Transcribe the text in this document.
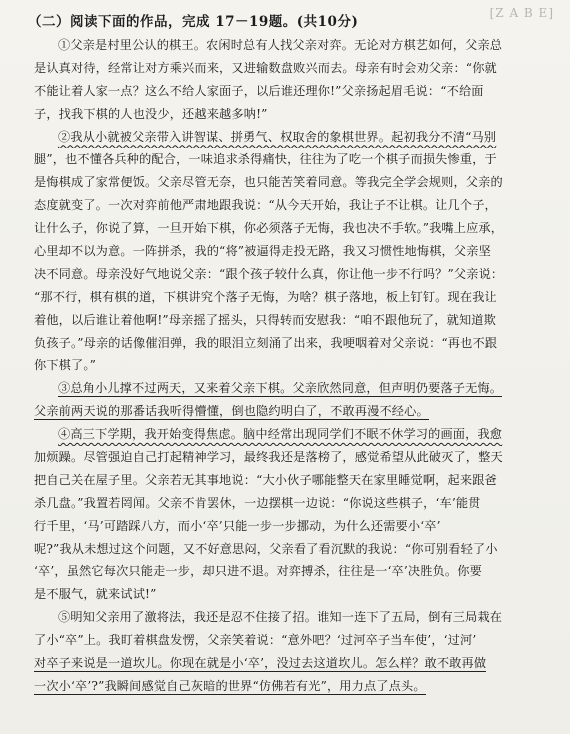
[Z A B E]
（二）阅读下面的作品，完成 17－19题。(共10分)
①父亲是村里公认的棋王。农闲时总有人找父亲对弈。无论对方棋艺如何，父亲总
是认真对待，经常让对方乘兴而来，又进输数盘败兴而去。母亲有时会劝父亲：“你就
不能让着人家一点？这么不给人家面子，以后谁还理你!”父亲扬起眉毛说：“不给面
子，找我下棋的人也没少，还越来越多呐!”
②我从小就被父亲带入讲智谋、拼勇气、权取舍的象棋世界。起初我分不清“马别
腿”，也不懂各兵种的配合，一味追求杀得痛快，往往为了吃一个棋子而损失惨重，于
是悔棋成了家常便饭。父亲尽管无奈，也只能苦笑着同意。等我完全学会规则，父亲的
态度就变了。一次对弈前他严肃地跟我说：“从今天开始，我让子不让棋。让几个子，
让什么子，你说了算，一旦开始下棋，你必须落子无悔，我也决不手软。”我嘴上应承，
心里却不以为意。一阵拼杀，我的“将”被逼得走投无路，我又习惯性地悔棋，父亲坚
决不同意。母亲没好气地说父亲：“跟个孩子较什么真，你让他一步不行吗？”父亲说：
“那不行，棋有棋的道，下棋讲究个落子无悔，为啥？棋子落地，板上钉钉。现在我让
着他，以后谁让着他啊!”母亲摇了摇头，只得转而安慰我：“咱不跟他玩了，就知道欺
负孩子。”母亲的话像催泪弹，我的眼泪立刻涌了出来，我哽咽着对父亲说：“再也不跟
你下棋了。”
③总角小儿撑不过两天，又来着父亲下棋。父亲欣然同意，但声明仍要落子无悔。
父亲前两天说的那番话我听得懵懂，倒也隐约明白了，不敢再漫不经心。
④高三下学期，我开始变得焦虑。脑中经常出现同学们不眠不休学习的画面，我愈
加烦躁。尽管强迫自己打起精神学习，最终我还是落榜了，感觉希望从此破灭了，整天
把自己关在屋子里。父亲若无其事地说：“大小伙子哪能整天在家里睡觉啊，起来跟爸
杀几盘。”我置若罔闻。父亲不肯罢休，一边摆棋一边说：“你说这些棋子，‘车’能贯
行千里，‘马’可踏踩八方，而小‘卒’只能一步一步挪动，为什么还需要小‘卒’
呢?”我从未想过这个问题，又不好意思闷，父亲看了看沉默的我说：“你可别看轻了小
‘卒’，虽然它每次只能走一步，却只进不退。对弈搏杀，往往是一‘卒’决胜负。你要
是不服气，就来试试!”
⑤明知父亲用了激将法，我还是忍不住接了招。谁知一连下了五局，倒有三局栽在
了小“卒”上。我盯着棋盘发愣，父亲笑着说：“意外吧？‘过河卒子当车使’，‘过河’
对卒子来说是一道坎儿。你现在就是小‘卒’，没过去这道坎儿。怎么样？敢不敢再做
一次小‘卒’?”我瞬间感觉自己灰暗的世界“仿佛若有光”，用力点了点头。
